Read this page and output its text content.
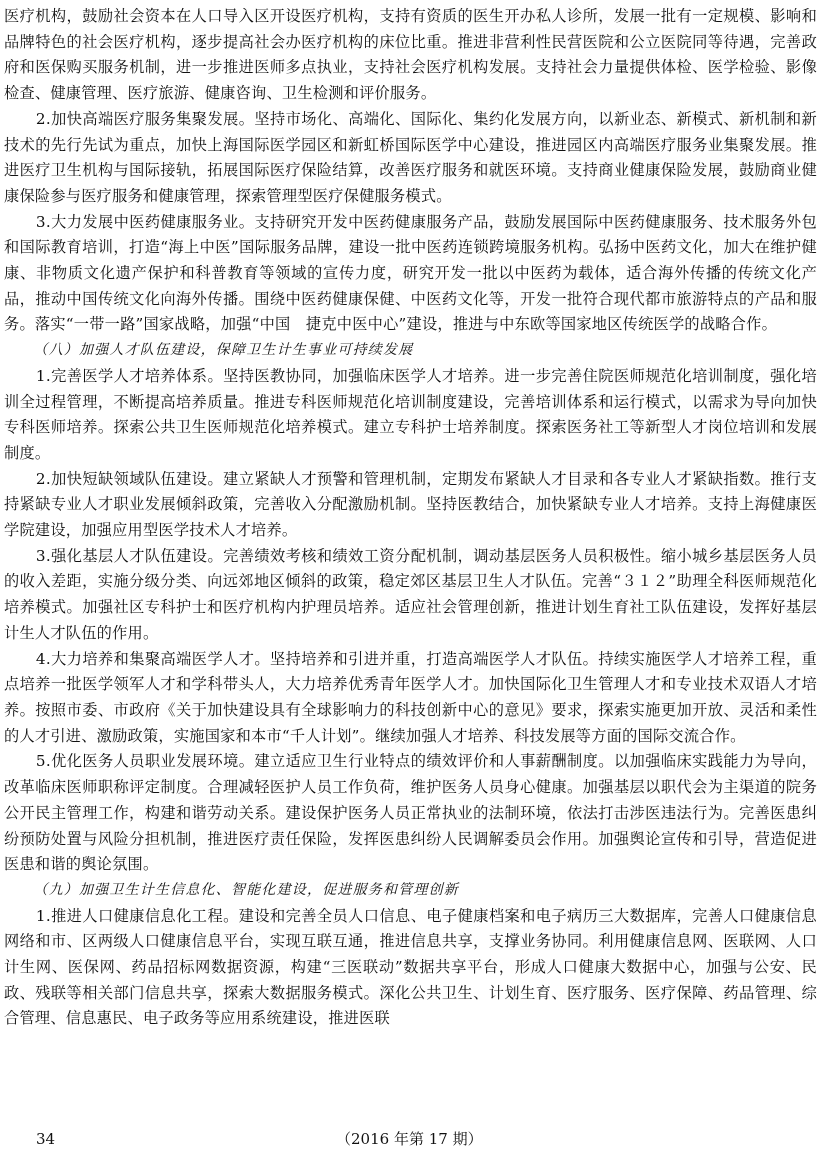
医疗机构，鼓励社会资本在人口导入区开设医疗机构，支持有资质的医生开办私人诊所，发展一批有一定规模、影响和品牌特色的社会医疗机构，逐步提高社会办医疗机构的床位比重。推进非营利性民营医院和公立医院同等待遇，完善政府和医保购买服务机制，进一步推进医师多点执业，支持社会医疗机构发展。支持社会力量提供体检、医学检验、影像检查、健康管理、医疗旅游、健康咨询、卫生检测和评价服务。

2.加快高端医疗服务集聚发展。坚持市场化、高端化、国际化、集约化发展方向，以新业态、新模式、新机制和新技术的先行先试为重点，加快上海国际医学园区和新虹桥国际医学中心建设，推进园区内高端医疗服务业集聚发展。推进医疗卫生机构与国际接轨，拓展国际医疗保险结算，改善医疗服务和就医环境。支持商业健康保险发展，鼓励商业健康保险参与医疗服务和健康管理，探索管理型医疗保健服务模式。

3.大力发展中医药健康服务业。支持研究开发中医药健康服务产品，鼓励发展国际中医药健康服务、技术服务外包和国际教育培训，打造“海上中医”国际服务品牌，建设一批中医药连锁跨境服务机构。弘扬中医药文化，加大在维护健康、非物质文化遗产保护和科普教育等领域的宣传力度，研究开发一批以中医药为载体，适合海外传播的传统文化产品，推动中国传统文化向海外传播。围绕中医药健康保健、中医药文化等，开发一批符合现代都市旅游特点的产品和服务。落实“一带一路”国家战略，加强“中国　捷克中医中心”建设，推进与中东欧等国家地区传统医学的战略合作。

（八）加强人才队伍建设，保障卫生计生事业可持续发展

1.完善医学人才培养体系。坚持医教协同，加强临床医学人才培养。进一步完善住院医师规范化培训制度，强化培训全过程管理，不断提高培养质量。推进专科医师规范化培训制度建设，完善培训体系和运行模式，以需求为导向加快专科医师培养。探索公共卫生医师规范化培养模式。建立专科护士培养制度。探索医务社工等新型人才岗位培训和发展制度。

2.加快短缺领域队伍建设。建立紧缺人才预警和管理机制，定期发布紧缺人才目录和各专业人才紧缺指数。推行支持紧缺专业人才职业发展倾斜政策，完善收入分配激励机制。坚持医教结合，加快紧缺专业人才培养。支持上海健康医学院建设，加强应用型医学技术人才培养。

3.强化基层人才队伍建设。完善绩效考核和绩效工资分配机制，调动基层医务人员积极性。缩小城乡基层医务人员的收入差距，实施分级分类、向远郊地区倾斜的政策，稳定郊区基层卫生人才队伍。完善“３１２”助理全科医师规范化培养模式。加强社区专科护士和医疗机构内护理员培养。适应社会管理创新，推进计划生育社工队伍建设，发挥好基层计生人才队伍的作用。

4.大力培养和集聚高端医学人才。坚持培养和引进并重，打造高端医学人才队伍。持续实施医学人才培养工程，重点培养一批医学领军人才和学科带头人，大力培养优秀青年医学人才。加快国际化卫生管理人才和专业技术双语人才培养。按照市委、市政府《关于加快建设具有全球影响力的科技创新中心的意见》要求，探索实施更加开放、灵活和柔性的人才引进、激励政策，实施国家和本市“千人计划”。继续加强人才培养、科技发展等方面的国际交流合作。

5.优化医务人员职业发展环境。建立适应卫生行业特点的绩效评价和人事薪酬制度。以加强临床实践能力为导向，改革临床医师职称评定制度。合理减轻医护人员工作负荷，维护医务人员身心健康。加强基层以职代会为主渠道的院务公开民主管理工作，构建和谐劳动关系。建设保护医务人员正常执业的法制环境，依法打击涉医违法行为。完善医患纠纷预防处置与风险分担机制，推进医疗责任保险，发挥医患纠纷人民调解委员会作用。加强舆论宣传和引导，营造促进医患和谐的舆论氛围。

（九）加强卫生计生信息化、智能化建设，促进服务和管理创新

1.推进人口健康信息化工程。建设和完善全员人口信息、电子健康档案和电子病历三大数据库，完善人口健康信息网络和市、区两级人口健康信息平台，实现互联互通，推进信息共享，支撑业务协同。利用健康信息网、医联网、人口计生网、医保网、药品招标网数据资源，构建“三医联动”数据共享平台，形成人口健康大数据中心，加强与公安、民政、残联等相关部门信息共享，探索大数据服务模式。深化公共卫生、计划生育、医疗服务、医疗保障、药品管理、综合管理、信息惠民、电子政务等应用系统建设，推进医联

34	（2016 年第 17 期）
